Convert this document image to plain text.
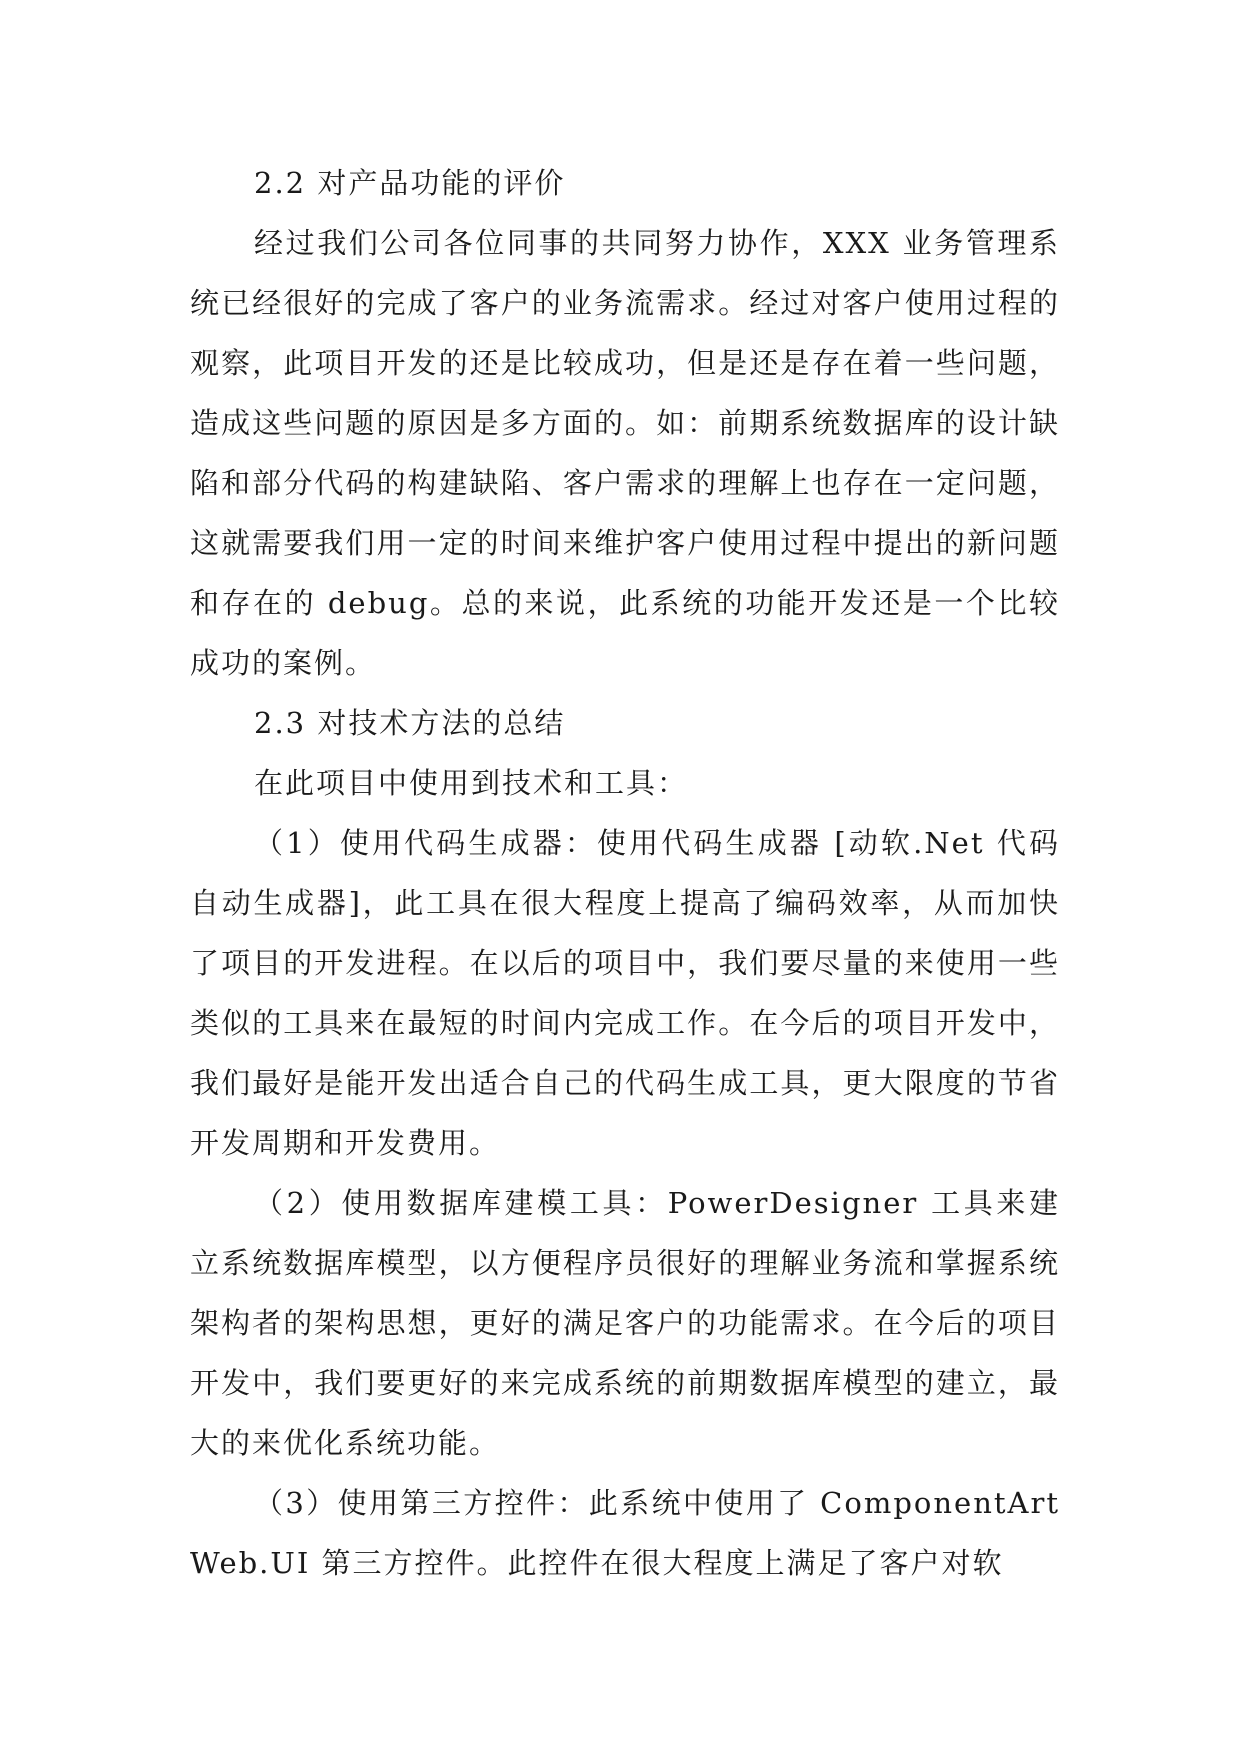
2.2 对产品功能的评价

经过我们公司各位同事的共同努力协作，XXX 业务管理系统已经很好的完成了客户的业务流需求。经过对客户使用过程的观察，此项目开发的还是比较成功，但是还是存在着一些问题，造成这些问题的原因是多方面的。如：前期系统数据库的设计缺陷和部分代码的构建缺陷、客户需求的理解上也存在一定问题，这就需要我们用一定的时间来维护客户使用过程中提出的新问题和存在的 debug。总的来说，此系统的功能开发还是一个比较成功的案例。

2.3 对技术方法的总结

在此项目中使用到技术和工具：

（1）使用代码生成器：使用代码生成器 [动软.Net 代码自动生成器]，此工具在很大程度上提高了编码效率，从而加快了项目的开发进程。在以后的项目中，我们要尽量的来使用一些类似的工具来在最短的时间内完成工作。在今后的项目开发中，我们最好是能开发出适合自己的代码生成工具，更大限度的节省开发周期和开发费用。

（2）使用数据库建模工具：PowerDesigner 工具来建立系统数据库模型，以方便程序员很好的理解业务流和掌握系统架构者的架构思想，更好的满足客户的功能需求。在今后的项目开发中，我们要更好的来完成系统的前期数据库模型的建立，最大的来优化系统功能。

（3）使用第三方控件：此系统中使用了 ComponentArt Web.UI 第三方控件。此控件在很大程度上满足了客户对软
